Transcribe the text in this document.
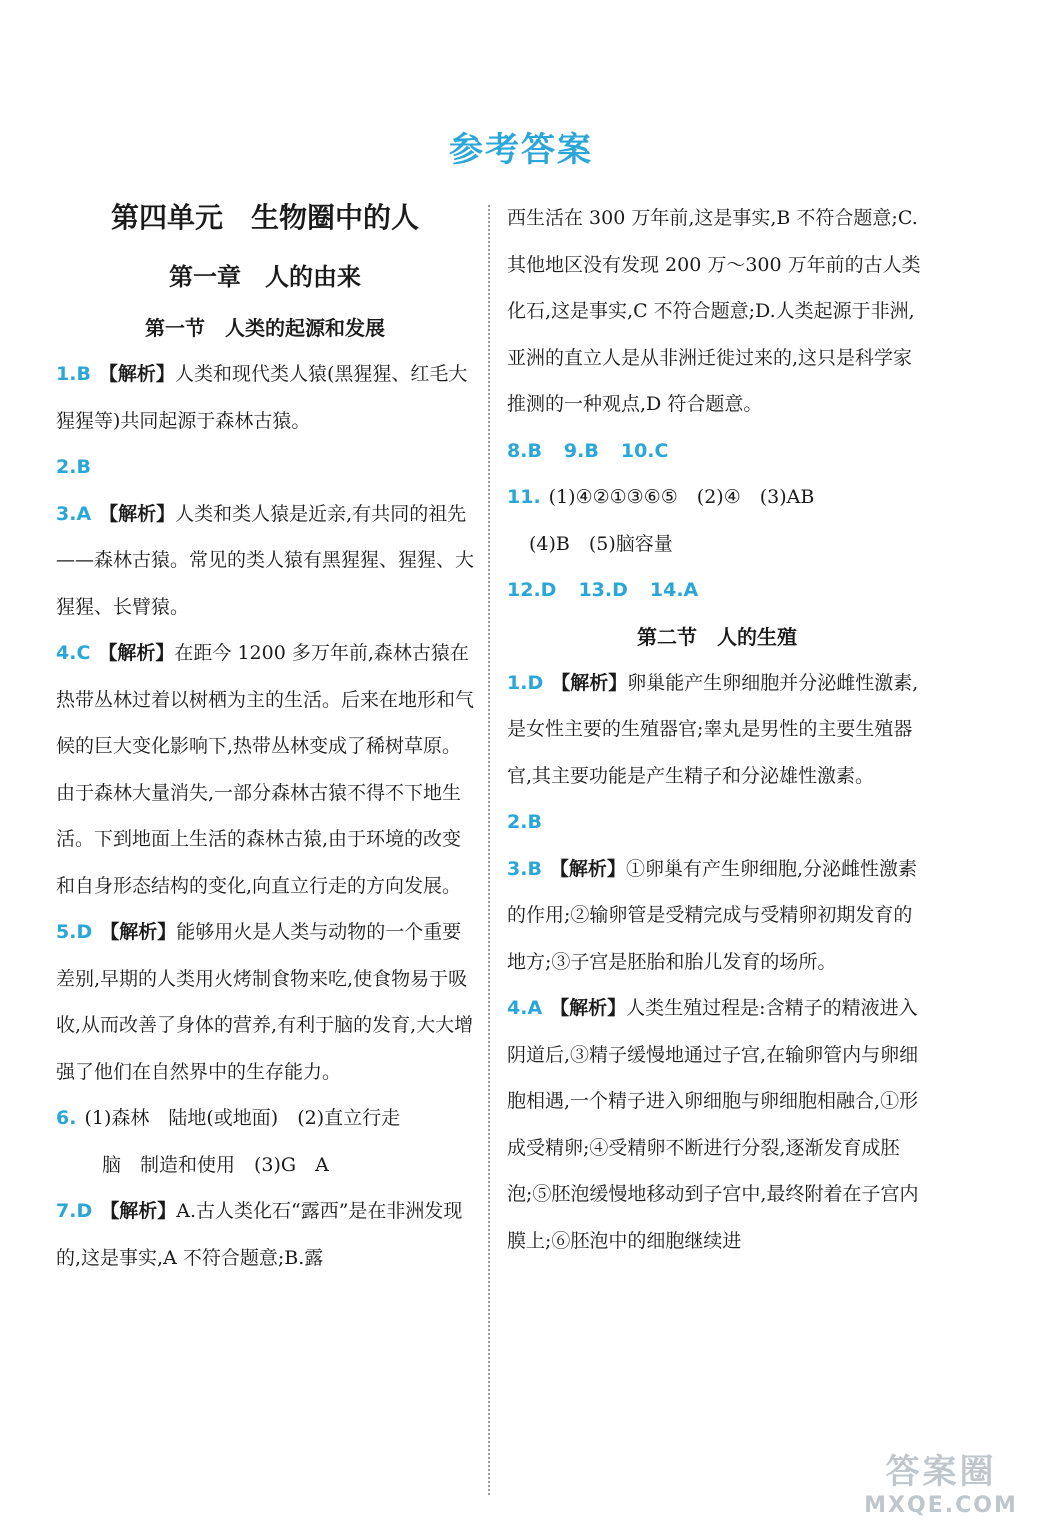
参考答案
第四单元　生物圈中的人
第一章　人的由来
第一节　人类的起源和发展
1.B 【解析】人类和现代类人猿(黑猩猩、红毛大猩猩等)共同起源于森林古猿。
2.B
3.A 【解析】人类和类人猿是近亲,有共同的祖先——森林古猿。常见的类人猿有黑猩猩、猩猩、大猩猩、长臂猿。
4.C 【解析】在距今 1200 多万年前,森林古猿在热带丛林过着以树栖为主的生活。后来在地形和气候的巨大变化影响下,热带丛林变成了稀树草原。由于森林大量消失,一部分森林古猿不得不下地生活。下到地面上生活的森林古猿,由于环境的改变和自身形态结构的变化,向直立行走的方向发展。
5.D 【解析】能够用火是人类与动物的一个重要差别,早期的人类用火烤制食物来吃,使食物易于吸收,从而改善了身体的营养,有利于脑的发育,大大增强了他们在自然界中的生存能力。
6. (1)森林　陆地(或地面)　(2)直立行走
脑　制造和使用　(3)G　A
7.D 【解析】A.古人类化石“露西”是在非洲发现的,这是事实,A 不符合题意;B.露
西生活在 300 万年前,这是事实,B 不符合题意;C.其他地区没有发现 200 万～300 万年前的古人类化石,这是事实,C 不符合题意;D.人类起源于非洲,亚洲的直立人是从非洲迁徙过来的,这只是科学家推测的一种观点,D 符合题意。
8.B 9.B 10.C
11. (1)④②①③⑥⑤　(2)④　(3)AB
(4)B　(5)脑容量
12.D 13.D 14.A
第二节　人的生殖
1.D 【解析】卵巢能产生卵细胞并分泌雌性激素,是女性主要的生殖器官;睾丸是男性的主要生殖器官,其主要功能是产生精子和分泌雄性激素。
2.B
3.B 【解析】①卵巢有产生卵细胞,分泌雌性激素的作用;②输卵管是受精完成与受精卵初期发育的地方;③子宫是胚胎和胎儿发育的场所。
4.A 【解析】人类生殖过程是:含精子的精液进入阴道后,③精子缓慢地通过子宫,在输卵管内与卵细胞相遇,一个精子进入卵细胞与卵细胞相融合,①形成受精卵;④受精卵不断进行分裂,逐渐发育成胚泡;⑤胚泡缓慢地移动到子宫中,最终附着在子宫内膜上;⑥胚泡中的细胞继续进
答案圈
MXQE.COM
